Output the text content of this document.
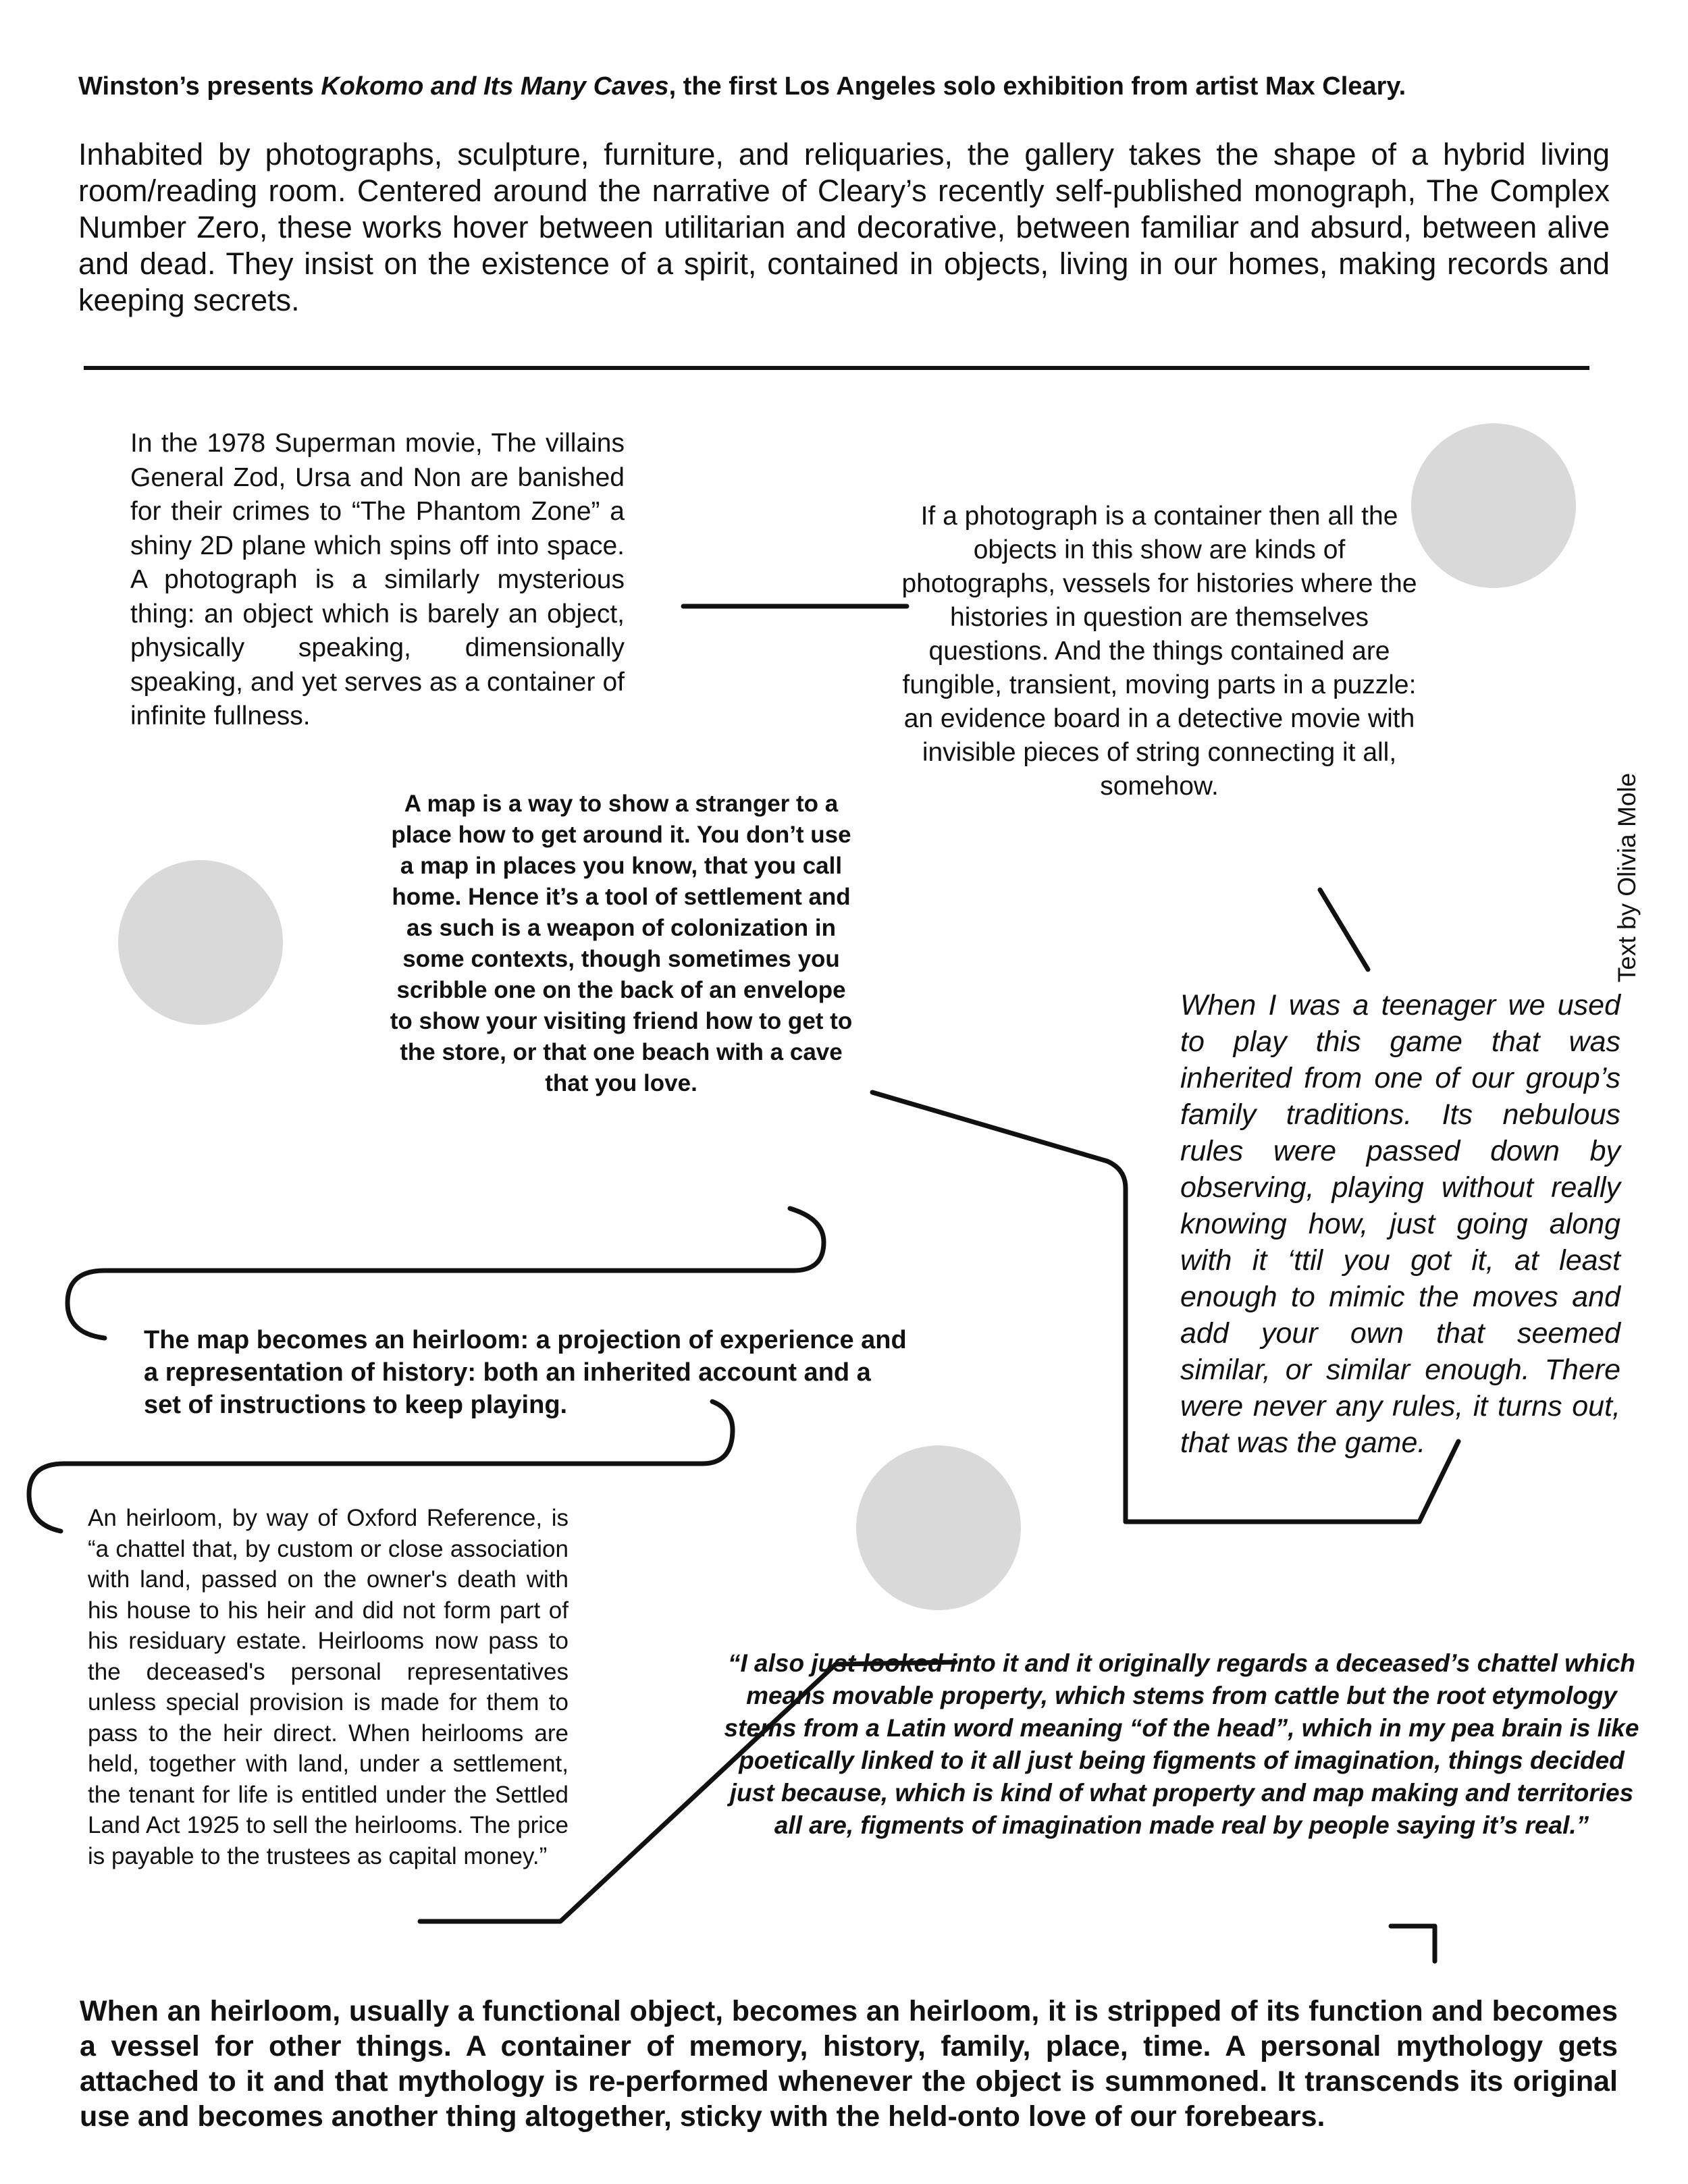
Winston’s presents Kokomo and Its Many Caves, the first Los Angeles solo exhibition from artist Max Cleary.

Inhabited by photographs, sculpture, furniture, and reliquaries, the gallery takes the shape of a hybrid living room/reading room. Centered around the narrative of Cleary’s recently self-published monograph, The Complex Number Zero, these works hover between utilitarian and decorative, between familiar and absurd, between alive and dead. They insist on the existence of a spirit, contained in objects, living in our homes, making records and keeping secrets.

In the 1978 Superman movie, The villains General Zod, Ursa and Non are banished for their crimes to “The Phantom Zone” a shiny 2D plane which spins off into space. A photograph is a similarly mysterious thing: an object which is barely an object, physically speaking, dimensionally speaking, and yet serves as a container of infinite fullness.

If a photograph is a container then all the objects in this show are kinds of photographs, vessels for histories where the histories in question are themselves questions. And the things contained are fungible, transient, moving parts in a puzzle: an evidence board in a detective movie with invisible pieces of string connecting it all, somehow.

A map is a way to show a stranger to a place how to get around it. You don’t use a map in places you know, that you call home. Hence it’s a tool of settlement and as such is a weapon of colonization in some contexts, though sometimes you scribble one on the back of an envelope to show your visiting friend how to get to the store, or that one beach with a cave that you love.

When I was a teenager we used to play this game that was inherited from one of our group’s family traditions. Its nebulous rules were passed down by observing, playing without really knowing how, just going along with it ‘ttil you got it, at least enough to mimic the moves and add your own that seemed similar, or similar enough. There were never any rules, it turns out, that was the game.

The map becomes an heirloom: a projection of experience and a representation of history: both an inherited account and a set of instructions to keep playing.

An heirloom, by way of Oxford Reference, is “a chattel that, by custom or close association with land, passed on the owner's death with his house to his heir and did not form part of his residuary estate. Heirlooms now pass to the deceased's personal representatives unless special provision is made for them to pass to the heir direct. When heirlooms are held, together with land, under a settlement, the tenant for life is entitled under the Settled Land Act 1925 to sell the heirlooms. The price is payable to the trustees as capital money.”

“I also just looked into it and it originally regards a deceased’s chattel which means movable property, which stems from cattle but the root etymology stems from a Latin word meaning “of the head”, which in my pea brain is like poetically linked to it all just being figments of imagination, things decided just because, which is kind of what property and map making and territories all are, figments of imagination made real by people saying it’s real.”

When an heirloom, usually a functional object, becomes an heirloom, it is stripped of its function and becomes a vessel for other things. A container of memory, history, family, place, time. A personal mythology gets attached to it and that mythology is re-performed whenever the object is summoned. It transcends its original use and becomes another thing altogether, sticky with the held-onto love of our forebears.

Text by Olivia Mole
